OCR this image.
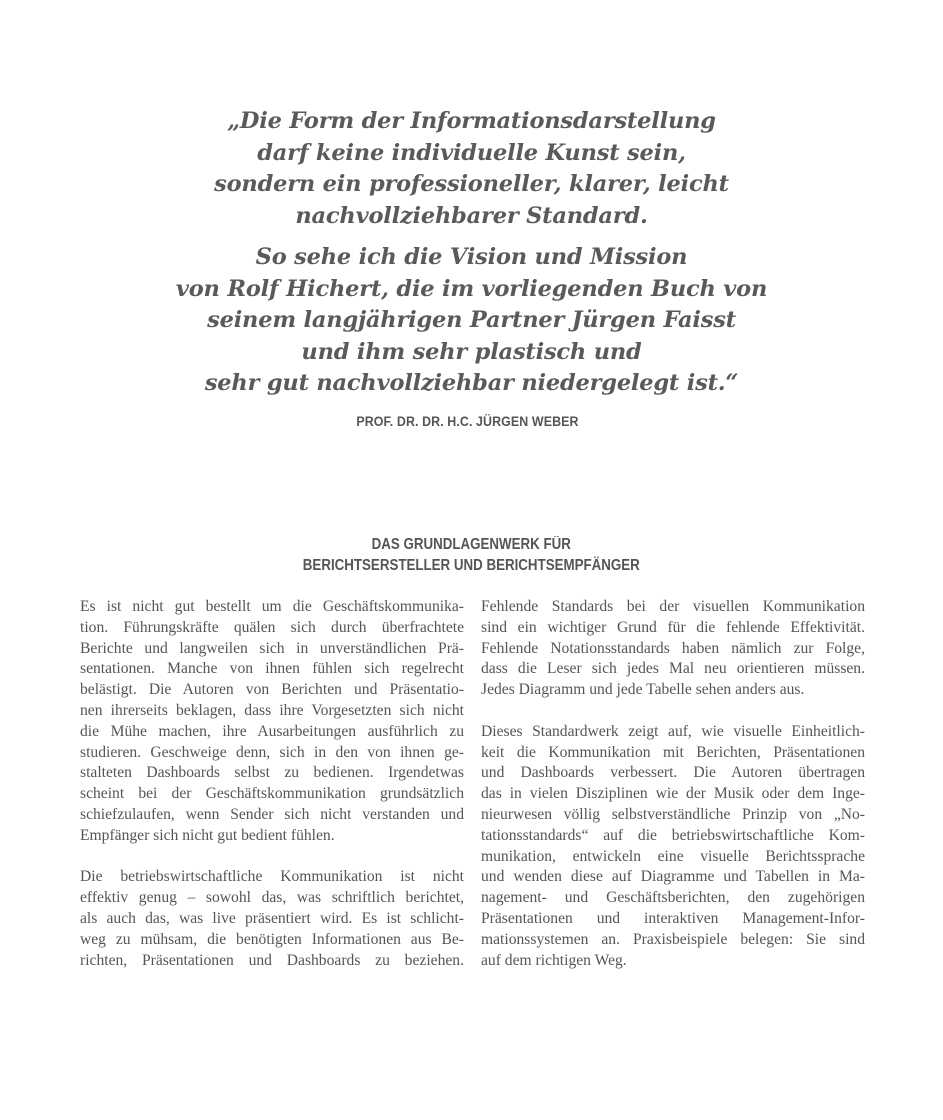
„Die Form der Informationsdarstellung
darf keine individuelle Kunst sein,
sondern ein professioneller, klarer, leicht
nachvollziehbarer Standard.

So sehe ich die Vision und Mission
von Rolf Hichert, die im vorliegenden Buch von
seinem langjährigen Partner Jürgen Faisst
und ihm sehr plastisch und
sehr gut nachvollziehbar niedergelegt ist.“

PROF. DR. DR. H.C. JÜRGEN WEBER
DAS GRUNDLAGENWERK FÜR
BERICHTSERSTELLER UND BERICHTSEMPFÄNGER

Es ist nicht gut bestellt um die Geschäftskommunika-
tion. Führungskräfte quälen sich durch überfrachtete
Berichte und langweilen sich in unverständlichen Prä-
sentationen. Manche von ihnen fühlen sich regelrecht
belästigt. Die Autoren von Berichten und Präsentatio-
nen ihrerseits beklagen, dass ihre Vorgesetzten sich nicht
die Mühe machen, ihre Ausarbeitungen ausführlich zu
studieren. Geschweige denn, sich in den von ihnen ge-
stalteten Dashboards selbst zu bedienen. Irgendetwas
scheint bei der Geschäftskommunikation grundsätzlich
schiefzulaufen, wenn Sender sich nicht verstanden und
Empfänger sich nicht gut bedient fühlen.

Die betriebswirtschaftliche Kommunikation ist nicht
effektiv genug – sowohl das, was schriftlich berichtet,
als auch das, was live präsentiert wird. Es ist schlicht-
weg zu mühsam, die benötigten Informationen aus Be-
richten, Präsentationen und Dashboards zu beziehen.

Fehlende Standards bei der visuellen Kommunikation
sind ein wichtiger Grund für die fehlende Effektivität.
Fehlende Notationsstandards haben nämlich zur Folge,
dass die Leser sich jedes Mal neu orientieren müssen.
Jedes Diagramm und jede Tabelle sehen anders aus.

Dieses Standardwerk zeigt auf, wie visuelle Einheitlich-
keit die Kommunikation mit Berichten, Präsentationen
und Dashboards verbessert. Die Autoren übertragen
das in vielen Disziplinen wie der Musik oder dem Inge-
nieurwesen völlig selbstverständliche Prinzip von „No-
tationsstandards“ auf die betriebswirtschaftliche Kom-
munikation, entwickeln eine visuelle Berichtssprache
und wenden diese auf Diagramme und Tabellen in Ma-
nagement- und Geschäftsberichten, den zugehörigen
Präsentationen und interaktiven Management-Infor-
mationssystemen an. Praxisbeispiele belegen: Sie sind
auf dem richtigen Weg.
